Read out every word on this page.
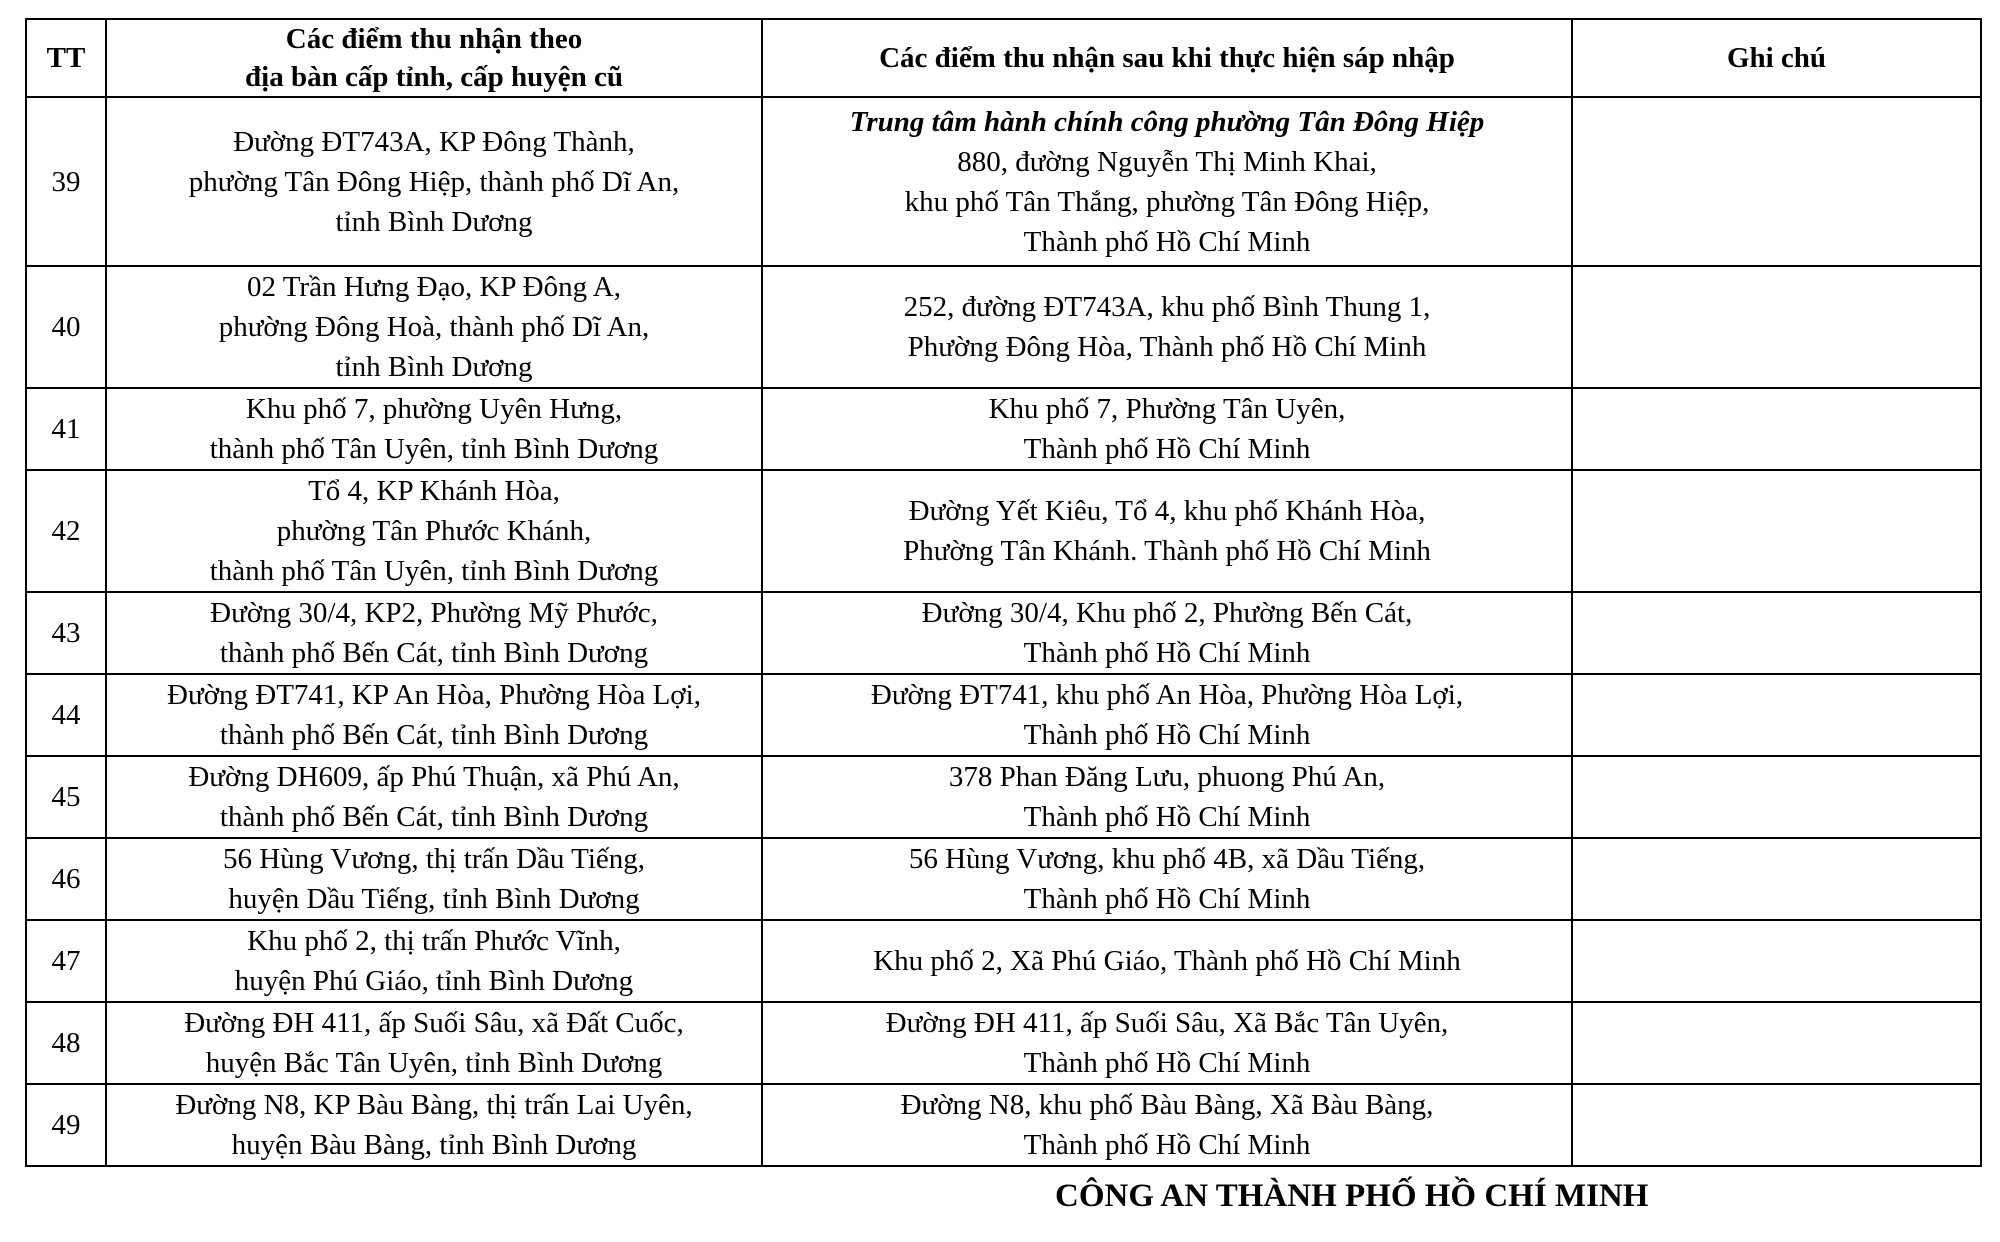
TT	Các điểm thu nhận theo
địa bàn cấp tỉnh, cấp huyện cũ	Các điểm thu nhận sau khi thực hiện sáp nhập	Ghi chú
39	Đường ĐT743A, KP Đông Thành,
phường Tân Đông Hiệp, thành phố Dĩ An,
tỉnh Bình Dương	Trung tâm hành chính công phường Tân Đông Hiệp
880, đường Nguyễn Thị Minh Khai,
khu phố Tân Thắng, phường Tân Đông Hiệp,
Thành phố Hồ Chí Minh	

40	02 Trần Hưng Đạo, KP Đông A,
phường Đông Hoà, thành phố Dĩ An,
tỉnh Bình Dương	252, đường ĐT743A, khu phố Bình Thung 1,
Phường Đông Hòa, Thành phố Hồ Chí Minh	

41	Khu phố 7, phường Uyên Hưng,
thành phố Tân Uyên, tỉnh Bình Dương	Khu phố 7, Phường Tân Uyên,
Thành phố Hồ Chí Minh	

42	Tổ 4, KP Khánh Hòa,
phường Tân Phước Khánh,
thành phố Tân Uyên, tỉnh Bình Dương	Đường Yết Kiêu, Tổ 4, khu phố Khánh Hòa,
Phường Tân Khánh. Thành phố Hồ Chí Minh	

43	Đường 30/4, KP2, Phường Mỹ Phước,
thành phố Bến Cát, tỉnh Bình Dương	Đường 30/4, Khu phố 2, Phường Bến Cát,
Thành phố Hồ Chí Minh	

44	Đường ĐT741, KP An Hòa, Phường Hòa Lợi,
thành phố Bến Cát, tỉnh Bình Dương	Đường ĐT741, khu phố An Hòa, Phường Hòa Lợi,
Thành phố Hồ Chí Minh	

45	Đường DH609, ấp Phú Thuận, xã Phú An,
thành phố Bến Cát, tỉnh Bình Dương	378 Phan Đăng Lưu, phuong Phú An,
Thành phố Hồ Chí Minh	

46	56 Hùng Vương, thị trấn Dầu Tiếng,
huyện Dầu Tiếng, tỉnh Bình Dương	56 Hùng Vương, khu phố 4B, xã Dầu Tiếng,
Thành phố Hồ Chí Minh	

47	Khu phố 2, thị trấn Phước Vĩnh,
huyện Phú Giáo, tỉnh Bình Dương	Khu phố 2, Xã Phú Giáo, Thành phố Hồ Chí Minh	

48	Đường ĐH 411, ấp Suối Sâu, xã Đất Cuốc,
huyện Bắc Tân Uyên, tỉnh Bình Dương	Đường ĐH 411, ấp Suối Sâu, Xã Bắc Tân Uyên,
Thành phố Hồ Chí Minh	

49	Đường N8, KP Bàu Bàng, thị trấn Lai Uyên,
huyện Bàu Bàng, tỉnh Bình Dương	Đường N8, khu phố Bàu Bàng, Xã Bàu Bàng,
Thành phố Hồ Chí Minh	

CÔNG AN THÀNH PHỐ HỒ CHÍ MINH
